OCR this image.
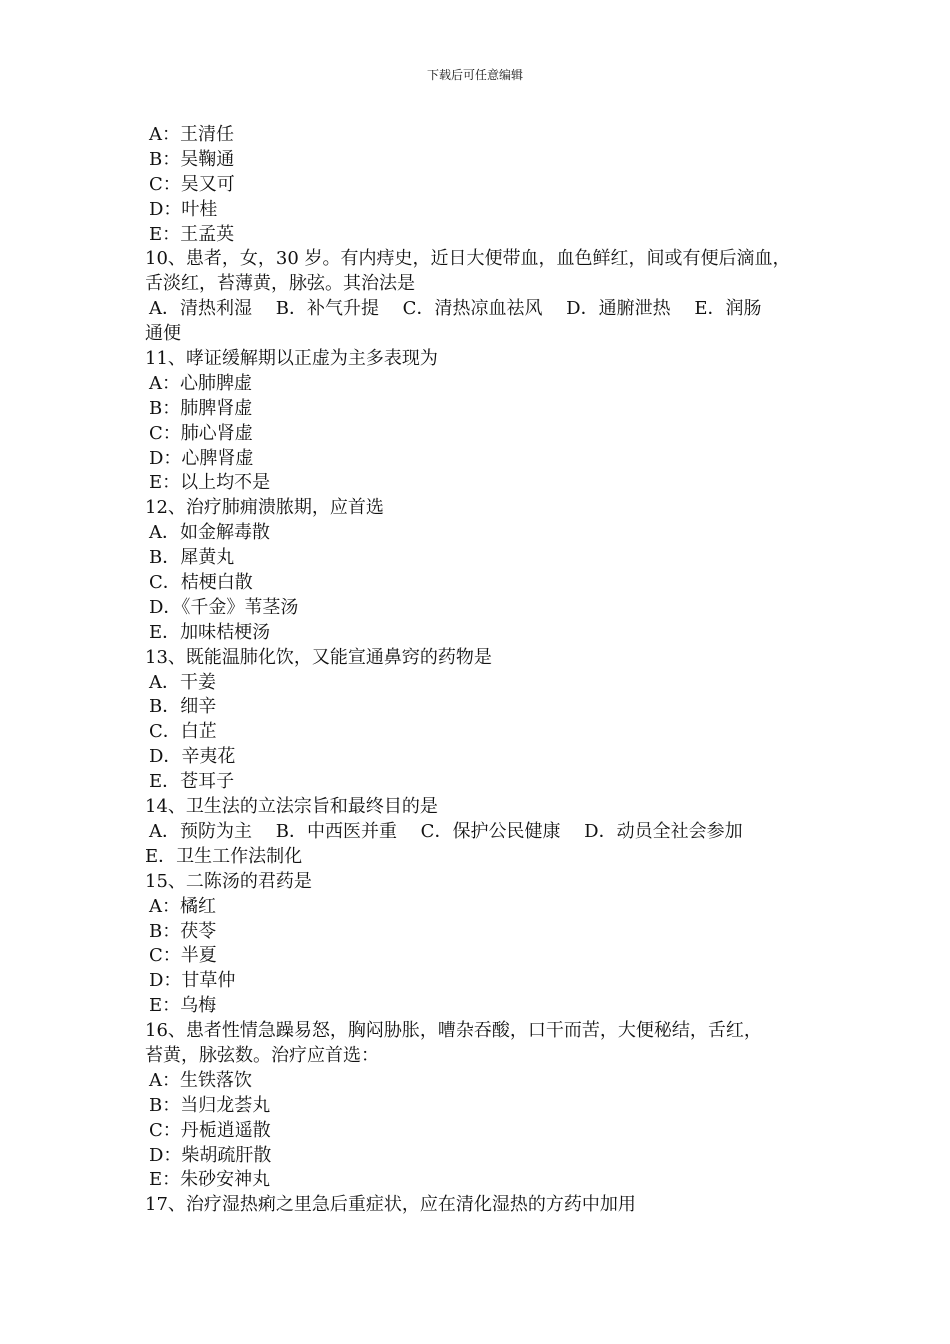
下载后可任意编辑
A：王清任
B：吴鞠通
C：吴又可
D：叶桂
E：王孟英
10、患者，女，30 岁。有内痔史，近日大便带血，血色鲜红，间或有便后滴血，
舌淡红，苔薄黄，脉弦。其治法是
A．清热利湿　 B．补气升提　 C．清热凉血祛风　 D．通腑泄热　 E．润肠
通便
11、哮证缓解期以正虚为主多表现为
A：心肺脾虚
B：肺脾肾虚
C：肺心肾虚
D：心脾肾虚
E：以上均不是
12、治疗肺痈溃脓期，应首选
A．如金解毒散
B．犀黄丸
C．桔梗白散
D．《千金》苇茎汤
E．加味桔梗汤
13、既能温肺化饮，又能宣通鼻窍的药物是
A．干姜
B．细辛
C．白芷
D．辛夷花
E．苍耳子
14、卫生法的立法宗旨和最终目的是
A．预防为主　 B．中西医并重　 C．保护公民健康　 D．动员全社会参加
E．卫生工作法制化
15、二陈汤的君药是
A：橘红
B：茯苓
C：半夏
D：甘草仲
E：乌梅
16、患者性情急躁易怒，胸闷胁胀，嘈杂吞酸，口干而苦，大便秘结，舌红，
苔黄，脉弦数。治疗应首选：
A：生铁落饮
B：当归龙荟丸
C：丹栀逍遥散
D：柴胡疏肝散
E：朱砂安神丸
17、治疗湿热痢之里急后重症状，应在清化湿热的方药中加用
